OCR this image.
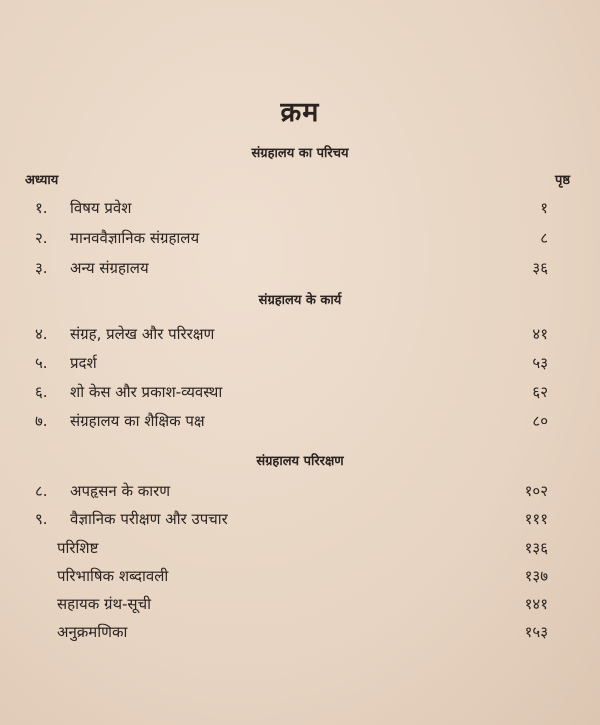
क्रम
संग्रहालय का परिचय
अध्याय	पृष्ठ
१. विषय प्रवेश	१
२. मानववैज्ञानिक संग्रहालय	८
३. अन्य संग्रहालय	३६
संग्रहालय के कार्य
४. संग्रह, प्रलेख और परिरक्षण	४१
५. प्रदर्श	५३
६. शो केस और प्रकाश-व्यवस्था	६२
७. संग्रहालय का शैक्षिक पक्ष	८०
संग्रहालय परिरक्षण
८. अपहृसन के कारण	१०२
९. वैज्ञानिक परीक्षण और उपचार	१११
परिशिष्ट	१३६
परिभाषिक शब्दावली	१३७
सहायक ग्रंथ-सूची	१४१
अनुक्रमणिका	१५३
